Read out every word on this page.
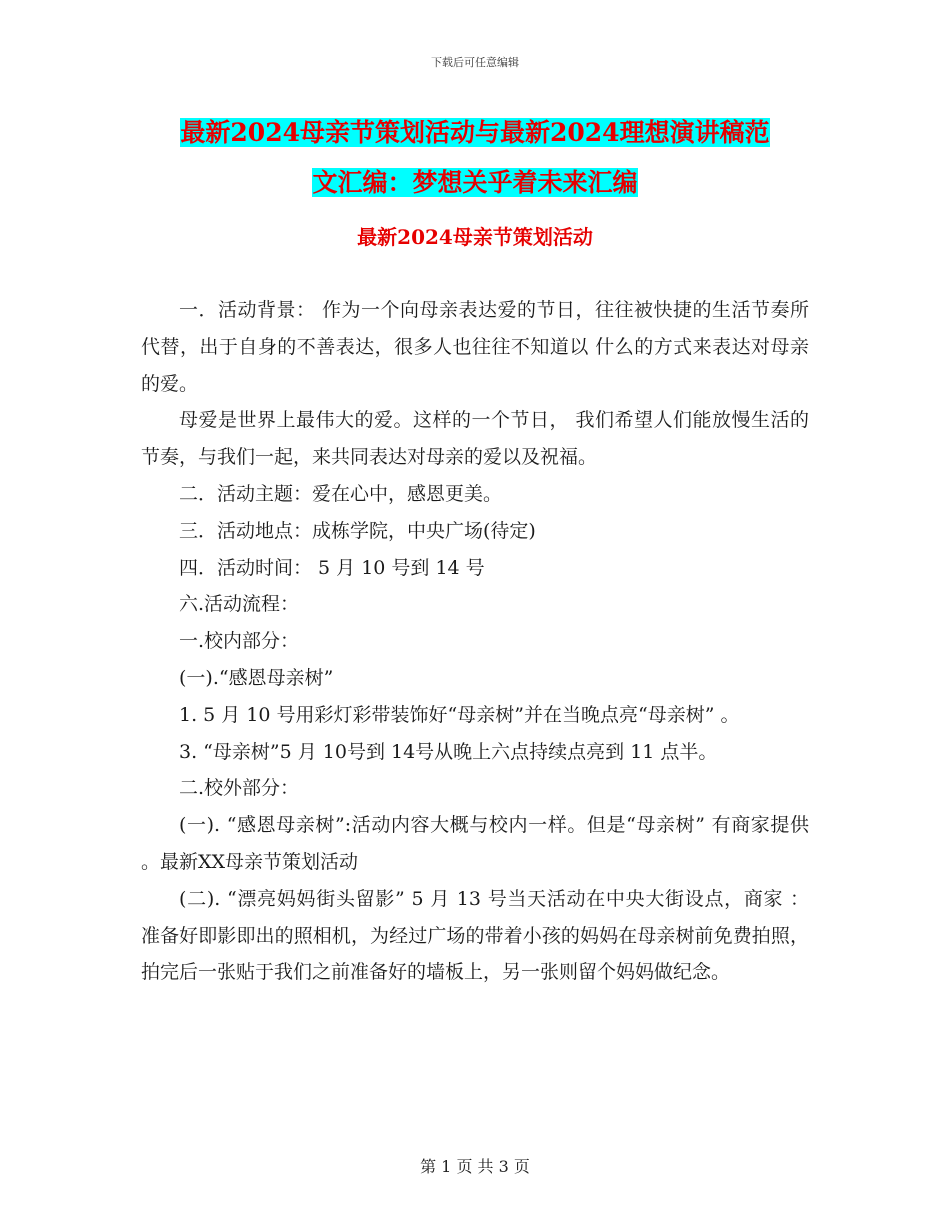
下载后可任意编辑
最新2024母亲节策划活动与最新2024理想演讲稿范
文汇编：梦想关乎着未来汇编
最新2024母亲节策划活动

一．活动背景： 作为一个向母亲表达爱的节日，往往被快捷的生活节奏所代替，出于自身的不善表达，很多人也往往不知道以 什么的方式来表达对母亲的爱。

母爱是世界上最伟大的爱。这样的一个节日， 我们希望人们能放慢生活的节奏，与我们一起，来共同表达对母亲的爱以及祝福。

二．活动主题：爱在心中，感恩更美。

三．活动地点：成栋学院，中央广场(待定)

四．活动时间： 5 月 10 号到 14 号

六.活动流程：

一.校内部分：

(一).“感恩母亲树”

1. 5 月 10 号用彩灯彩带装饰好“母亲树”并在当晚点亮“母亲树” 。

3. “母亲树”5 月 10号到 14号从晚上六点持续点亮到 11 点半。

二.校外部分：

(一). “感恩母亲树”:活动内容大概与校内一样。但是“母亲树” 有商家提供 。最新XX母亲节策划活动

(二). “漂亮妈妈街头留影” 5 月 13 号当天活动在中央大街设点，商家 ： 准备好即影即出的照相机，为经过广场的带着小孩的妈妈在母亲树前免费拍照， 拍完后一张贴于我们之前准备好的墙板上，另一张则留个妈妈做纪念。

第 1 页 共 3 页
